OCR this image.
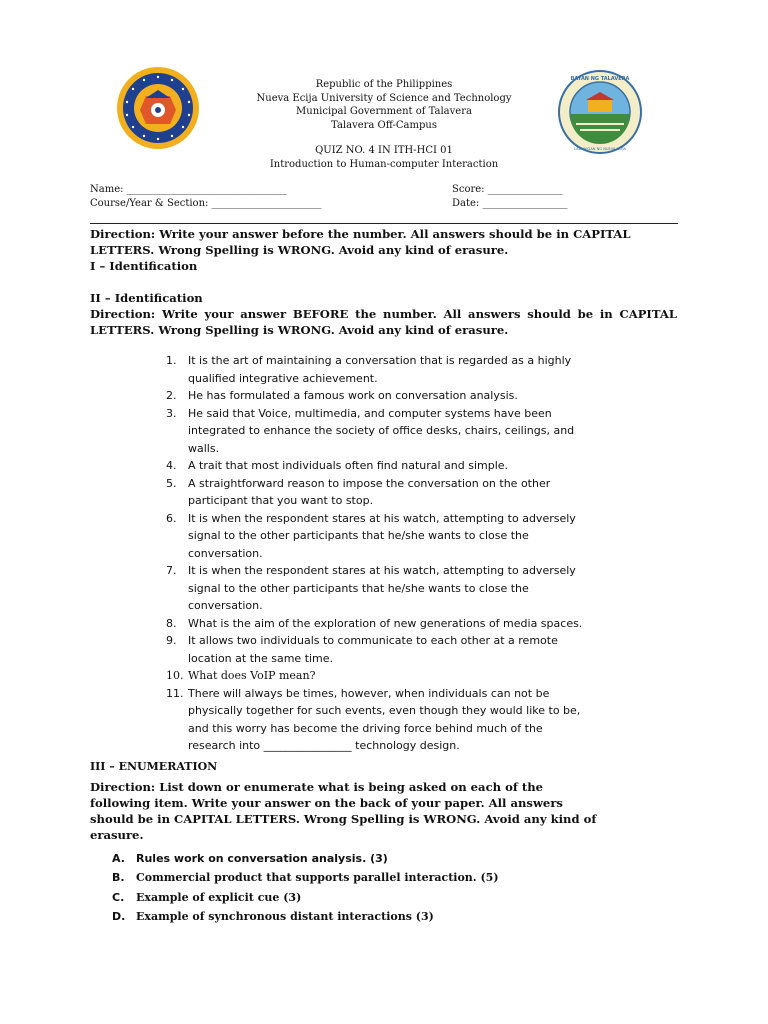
BAYAN NG TALAVERA
LALAWIGAN NG NUEVA ECIJA
Republic of the Philippines
Nueva Ecija University of Science and Technology
Municipal Government of Talavera
Talavera Off-Campus
QUIZ NO. 4 IN ITH-HCI 01
Introduction to Human-computer Interaction
Name: ________________________________	Score: _______________
Course/Year & Section: ______________________	Date: _________________
Direction: Write your answer before the number. All answers should be in CAPITAL LETTERS. Wrong Spelling is WRONG. Avoid any kind of erasure.
I – Identification
II – Identification
Direction: Write your answer BEFORE the number. All answers should be in CAPITAL LETTERS. Wrong Spelling is WRONG. Avoid any kind of erasure.
1.	It is the art of maintaining a conversation that is regarded as a highly qualified integrative achievement.
2.	He has formulated a famous work on conversation analysis.
3.	He said that Voice, multimedia, and computer systems have been integrated to enhance the society of office desks, chairs, ceilings, and walls.
4.	A trait that most individuals often find natural and simple.
5.	A straightforward reason to impose the conversation on the other participant that you want to stop.
6.	It is when the respondent stares at his watch, attempting to adversely signal to the other participants that he/she wants to close the conversation.
7.	It is when the respondent stares at his watch, attempting to adversely signal to the other participants that he/she wants to close the conversation.
8.	What is the aim of the exploration of new generations of media spaces.
9.	It allows two individuals to communicate to each other at a remote location at the same time.
10. What does VoIP mean?
11. There will always be times, however, when individuals can not be physically together for such events, even though they would like to be, and this worry has become the driving force behind much of the research into ________________ technology design.
III – ENUMERATION
Direction: List down or enumerate what is being asked on each of the following item. Write your answer on the back of your paper. All answers should be in CAPITAL LETTERS. Wrong Spelling is WRONG. Avoid any kind of erasure.
A. Rules work on conversation analysis. (3)
B. Commercial product that supports parallel interaction. (5)
C. Example of explicit cue (3)
D. Example of synchronous distant interactions (3)
